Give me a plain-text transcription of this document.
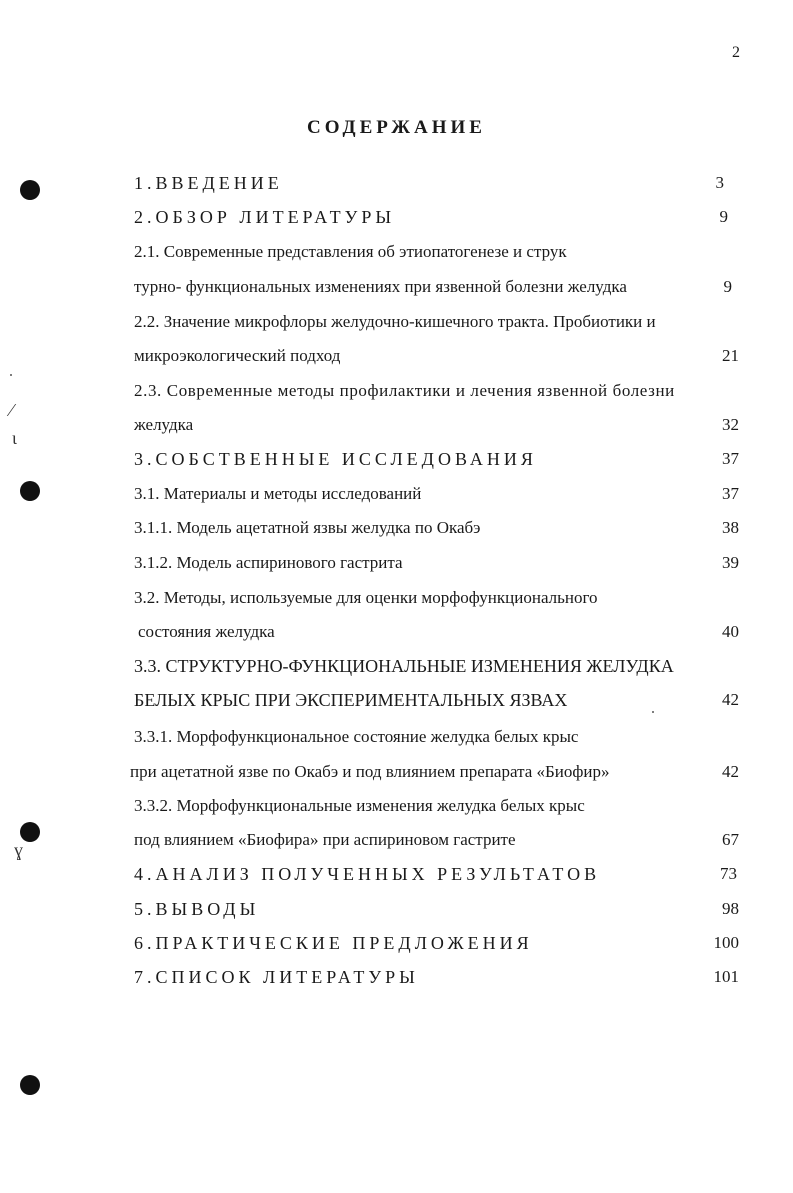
2
⁄
ɩ
ɣ
СОДЕРЖАНИЕ
1.ВВЕДЕНИЕ	3
2.ОБЗОР ЛИТЕРАТУРЫ	9
2.1. Современные представления об этиопатогенезе и струк
турно- функциональных изменениях при язвенной болезни желудка	9
2.2. Значение микрофлоры желудочно-кишечного тракта. Пробиотики и
микроэкологический подход	21
2.3. Современные методы профилактики и лечения язвенной болезни
желудка	32
3.СОБСТВЕННЫЕ ИССЛЕДОВАНИЯ	37
3.1. Материалы и методы исследований	37
3.1.1. Модель ацетатной язвы желудка по Окабэ	38
3.1.2. Модель аспиринового гастрита	39
3.2. Методы, используемые для оценки морфофункционального
состояния желудка	40
3.3. СТРУКТУРНО-ФУНКЦИОНАЛЬНЫЕ ИЗМЕНЕНИЯ ЖЕЛУДКА
БЕЛЫХ КРЫС ПРИ ЭКСПЕРИМЕНТАЛЬНЫХ ЯЗВАХ	42
3.3.1. Морфофункциональное состояние желудка белых крыс
при ацетатной язве по Окабэ и под влиянием препарата «Биофир»	42
3.3.2. Морфофункциональные изменения желудка белых крыс
под влиянием «Биофира» при аспириновом гастрите	67
4.АНАЛИЗ ПОЛУЧЕННЫХ РЕЗУЛЬТАТОВ	73
5.ВЫВОДЫ	98
6.ПРАКТИЧЕСКИЕ ПРЕДЛОЖЕНИЯ	100
7.СПИСОК ЛИТЕРАТУРЫ	101
